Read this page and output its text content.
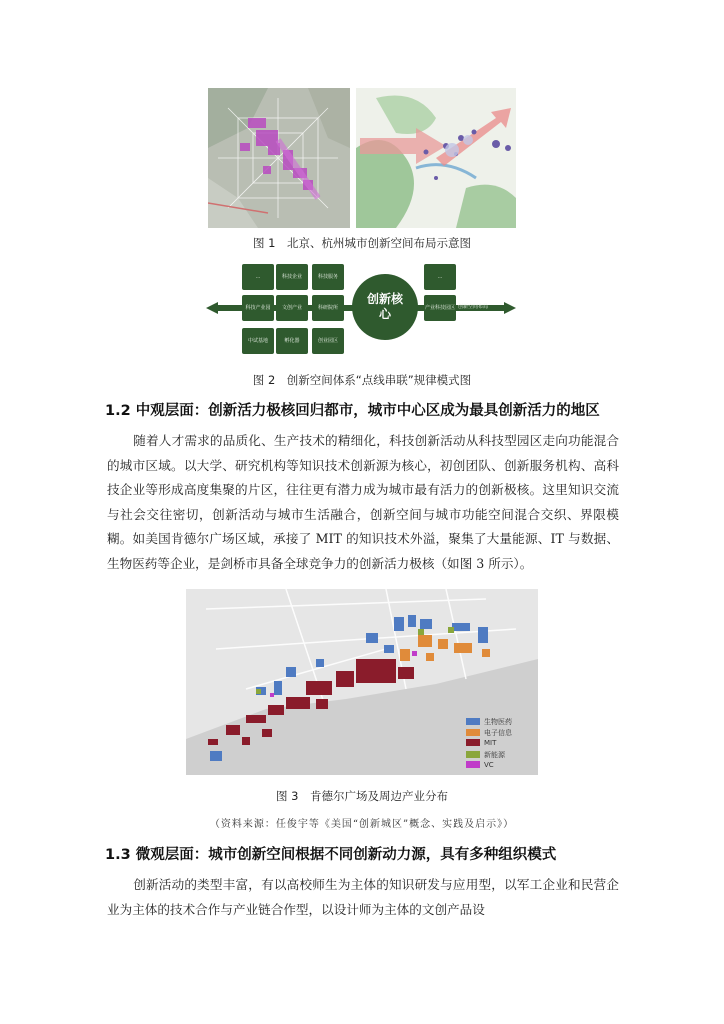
图 1　北京、杭州城市创新空间布局示意图
…	科技企业	科技服务	…
科技产业园	文创产业	科研院所	产业科技园区
中试基地	孵化器	创业园区
创新核心	创新空间布局
图 2　创新空间体系“点线串联”规律模式图
1.2 中观层面：创新活力极核回归都市，城市中心区成为最具创新活力的地区
随着人才需求的品质化、生产技术的精细化，科技创新活动从科技型园区走向功能混合的城市区域。以大学、研究机构等知识技术创新源为核心，初创团队、创新服务机构、高科技企业等形成高度集聚的片区，往往更有潜力成为城市最有活力的创新极核。这里知识交流与社会交往密切，创新活动与城市生活融合，创新空间与城市功能空间混合交织、界限模糊。如美国肯德尔广场区域，承接了 MIT 的知识技术外溢，聚集了大量能源、IT 与数据、生物医药等企业，是剑桥市具备全球竞争力的创新活力极核（如图 3 所示）。
生物医药
电子信息
MIT
新能源
VC
图 3　肯德尔广场及周边产业分布
（资料来源：任俊宇等《美国“创新城区”概念、实践及启示》）
1.3 微观层面：城市创新空间根据不同创新动力源，具有多种组织模式
创新活动的类型丰富，有以高校师生为主体的知识研发与应用型，以军工企业和民营企业为主体的技术合作与产业链合作型，以设计师为主体的文创产品设
